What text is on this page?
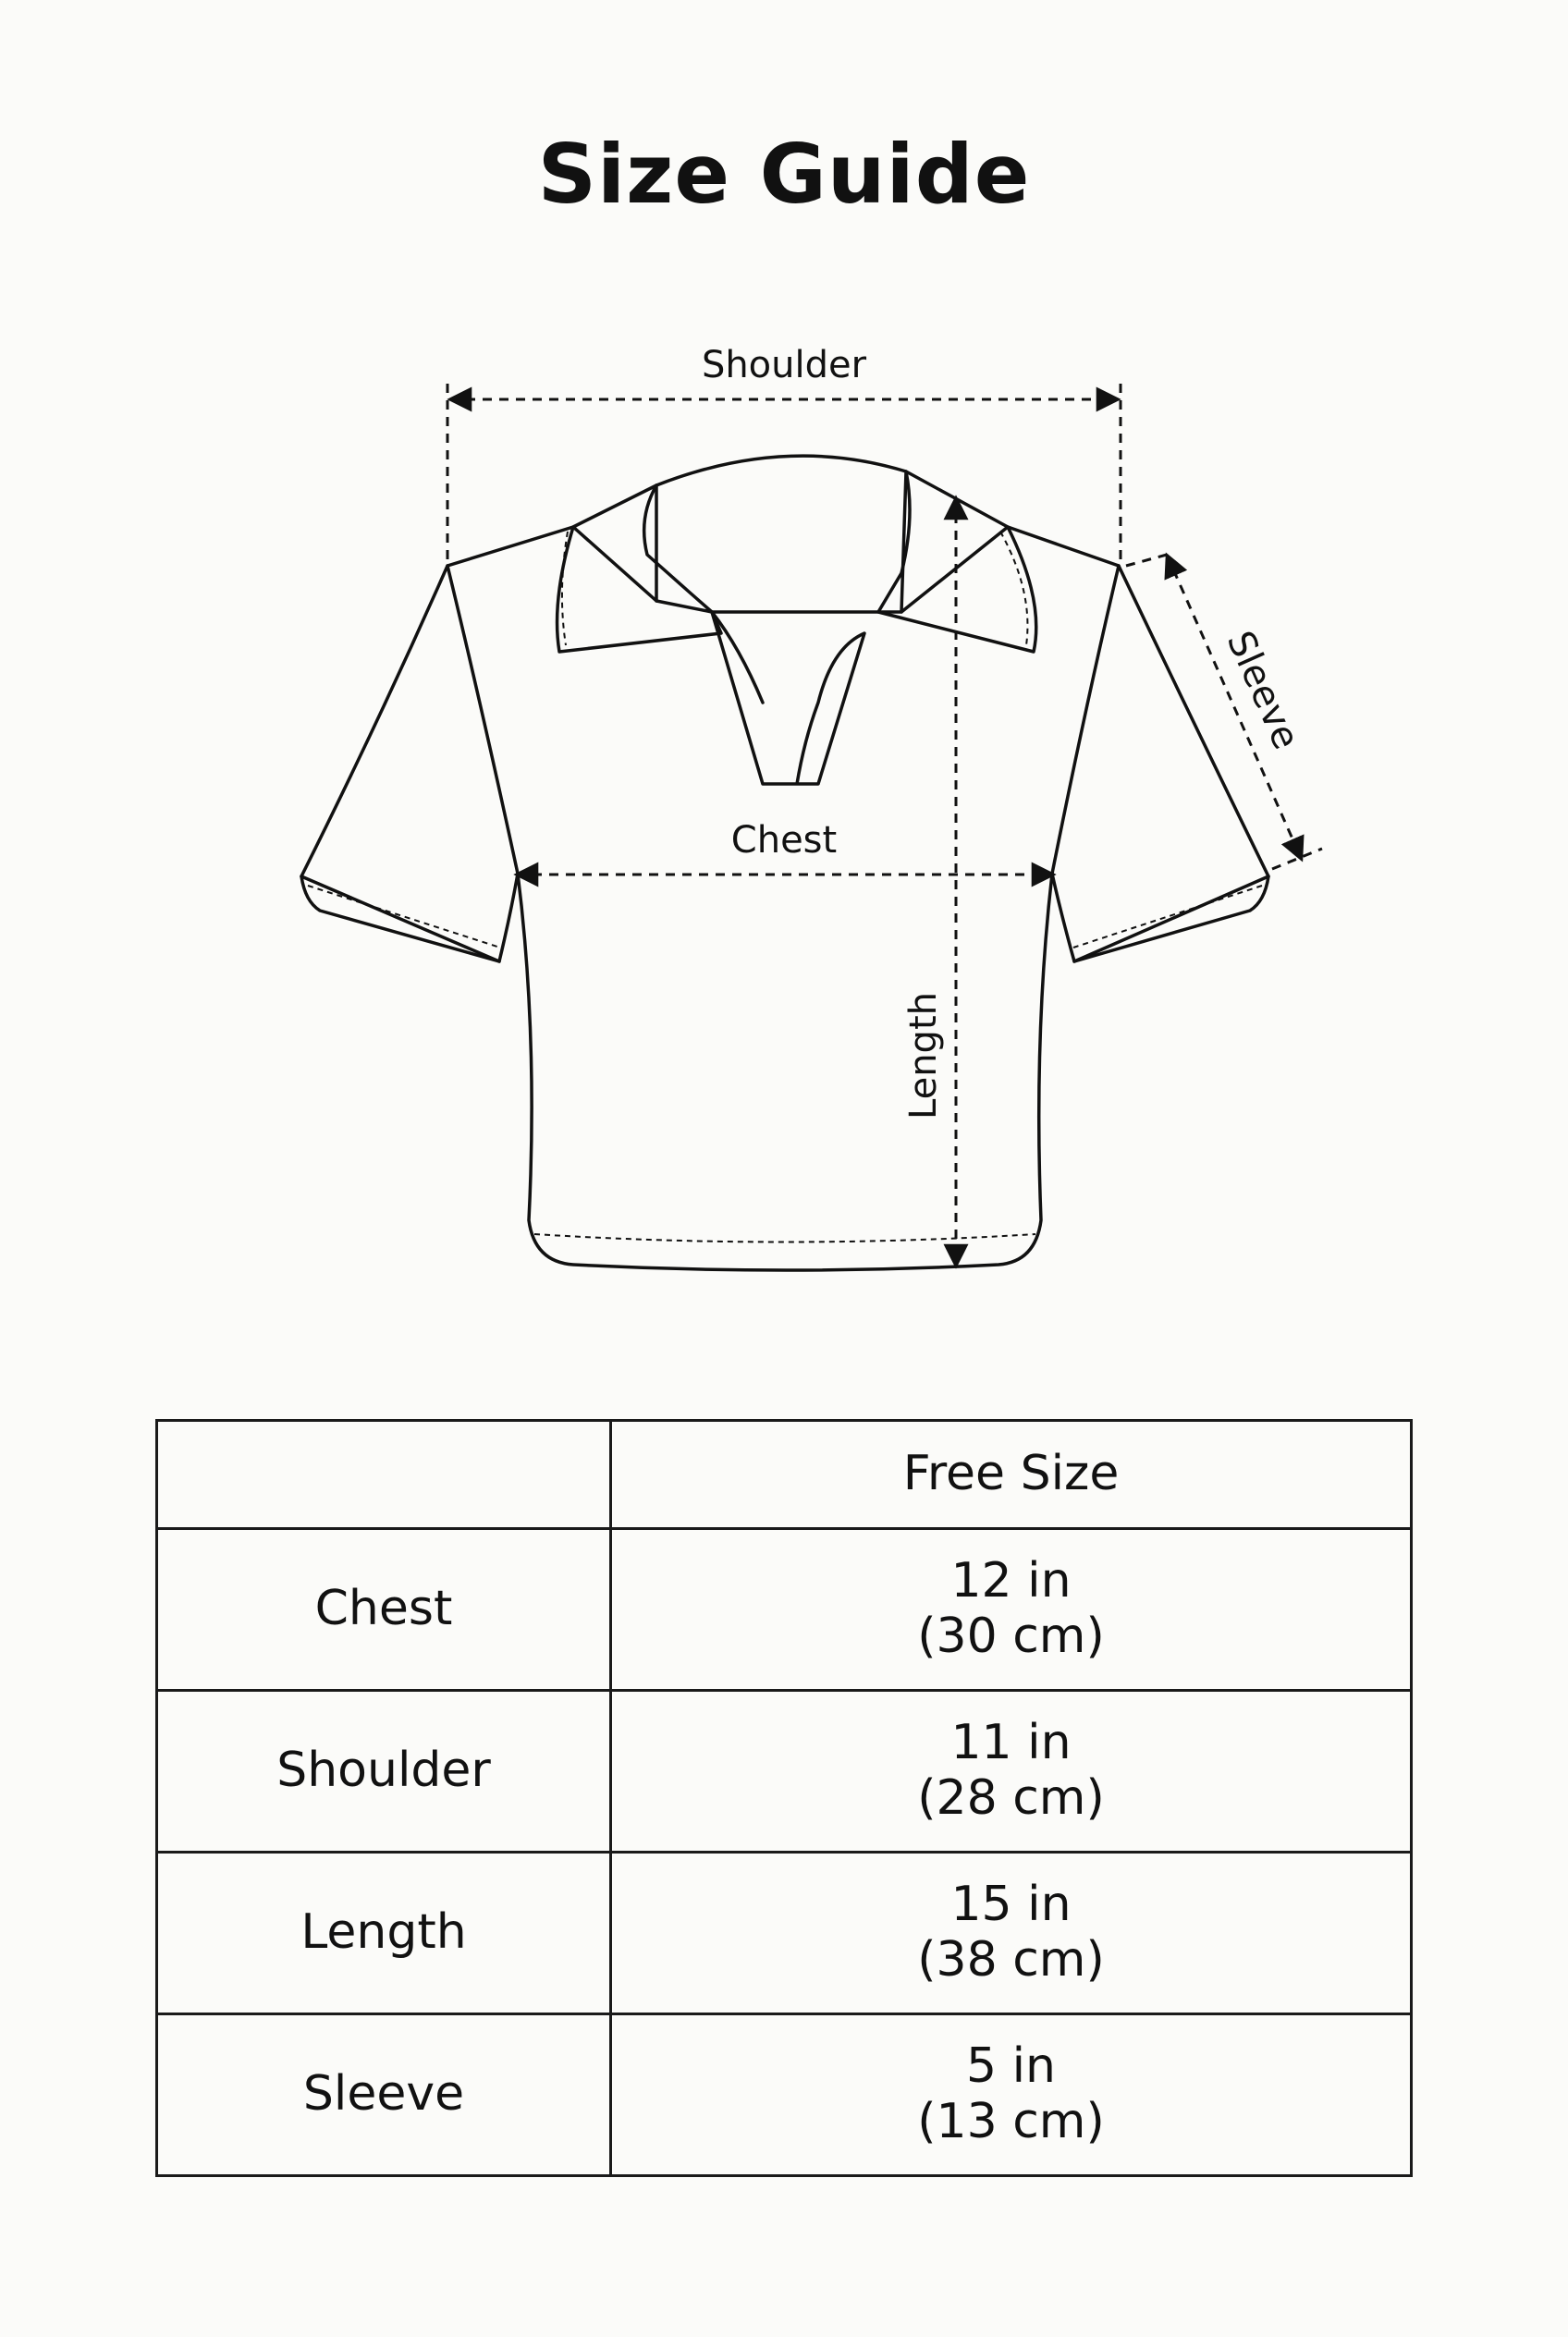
Size Guide
Shoulder
Chest
Length
Sleeve
	Free Size
Chest	12 in
(30 cm)

Shoulder	11 in
(28 cm)

Length	15 in
(38 cm)

Sleeve	5 in
(13 cm)
